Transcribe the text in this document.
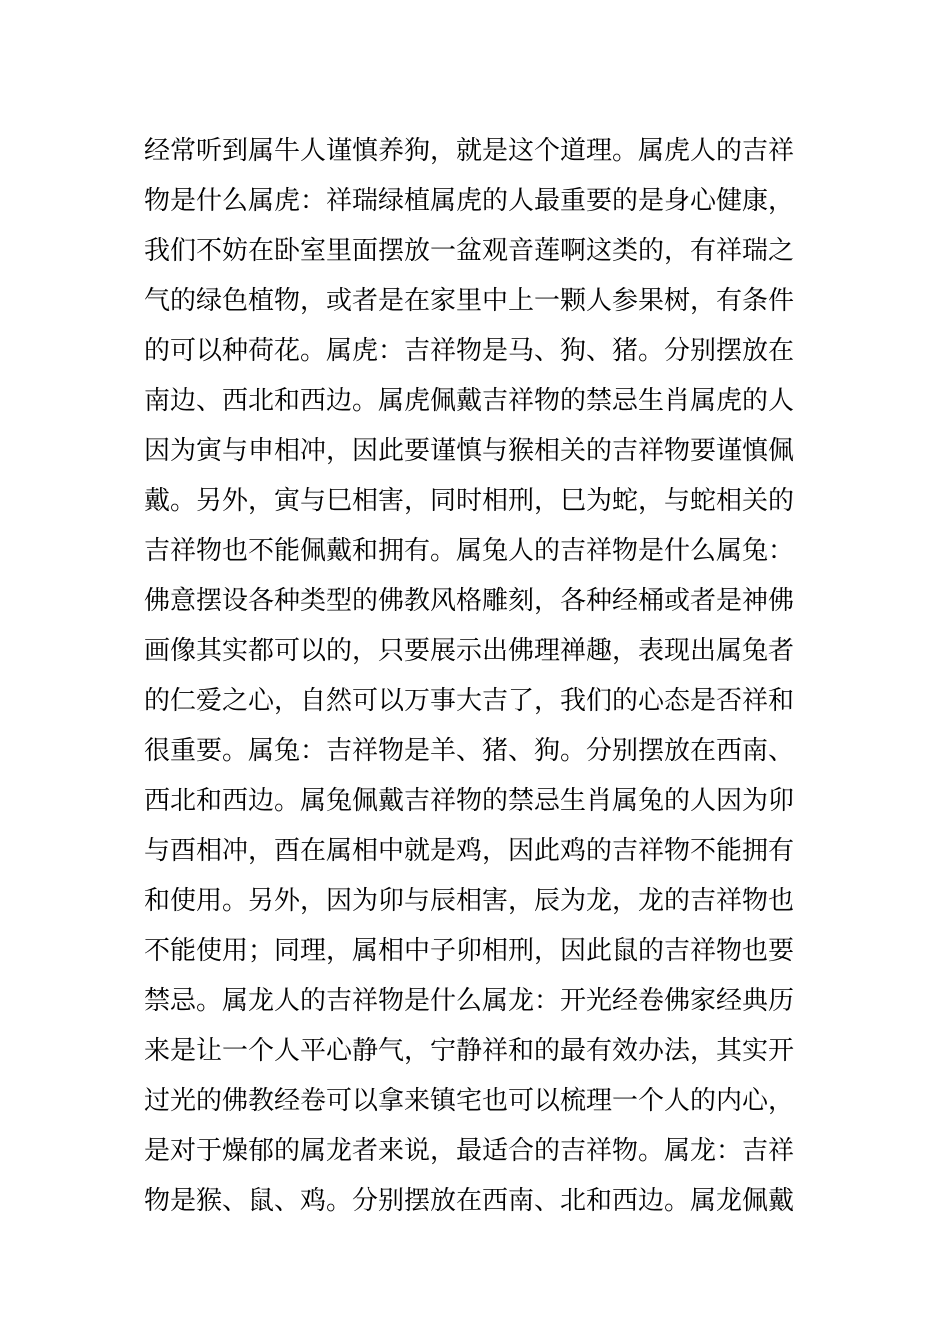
经常听到属牛人谨慎养狗，就是这个道理。属虎人的吉祥
物是什么属虎：祥瑞绿植属虎的人最重要的是身心健康，
我们不妨在卧室里面摆放一盆观音莲啊这类的，有祥瑞之
气的绿色植物，或者是在家里中上一颗人参果树，有条件
的可以种荷花。属虎：吉祥物是马、狗、猪。分别摆放在
南边、西北和西边。属虎佩戴吉祥物的禁忌生肖属虎的人
因为寅与申相冲，因此要谨慎与猴相关的吉祥物要谨慎佩
戴。另外，寅与巳相害，同时相刑，巳为蛇，与蛇相关的
吉祥物也不能佩戴和拥有。属兔人的吉祥物是什么属兔：
佛意摆设各种类型的佛教风格雕刻，各种经桶或者是神佛
画像其实都可以的，只要展示出佛理禅趣，表现出属兔者
的仁爱之心，自然可以万事大吉了，我们的心态是否祥和
很重要。属兔：吉祥物是羊、猪、狗。分别摆放在西南、
西北和西边。属兔佩戴吉祥物的禁忌生肖属兔的人因为卯
与酉相冲，酉在属相中就是鸡，因此鸡的吉祥物不能拥有
和使用。另外，因为卯与辰相害，辰为龙，龙的吉祥物也
不能使用；同理，属相中子卯相刑，因此鼠的吉祥物也要
禁忌。属龙人的吉祥物是什么属龙：开光经卷佛家经典历
来是让一个人平心静气，宁静祥和的最有效办法，其实开
过光的佛教经卷可以拿来镇宅也可以梳理一个人的内心，
是对于燥郁的属龙者来说，最适合的吉祥物。属龙：吉祥
物是猴、鼠、鸡。分别摆放在西南、北和西边。属龙佩戴
